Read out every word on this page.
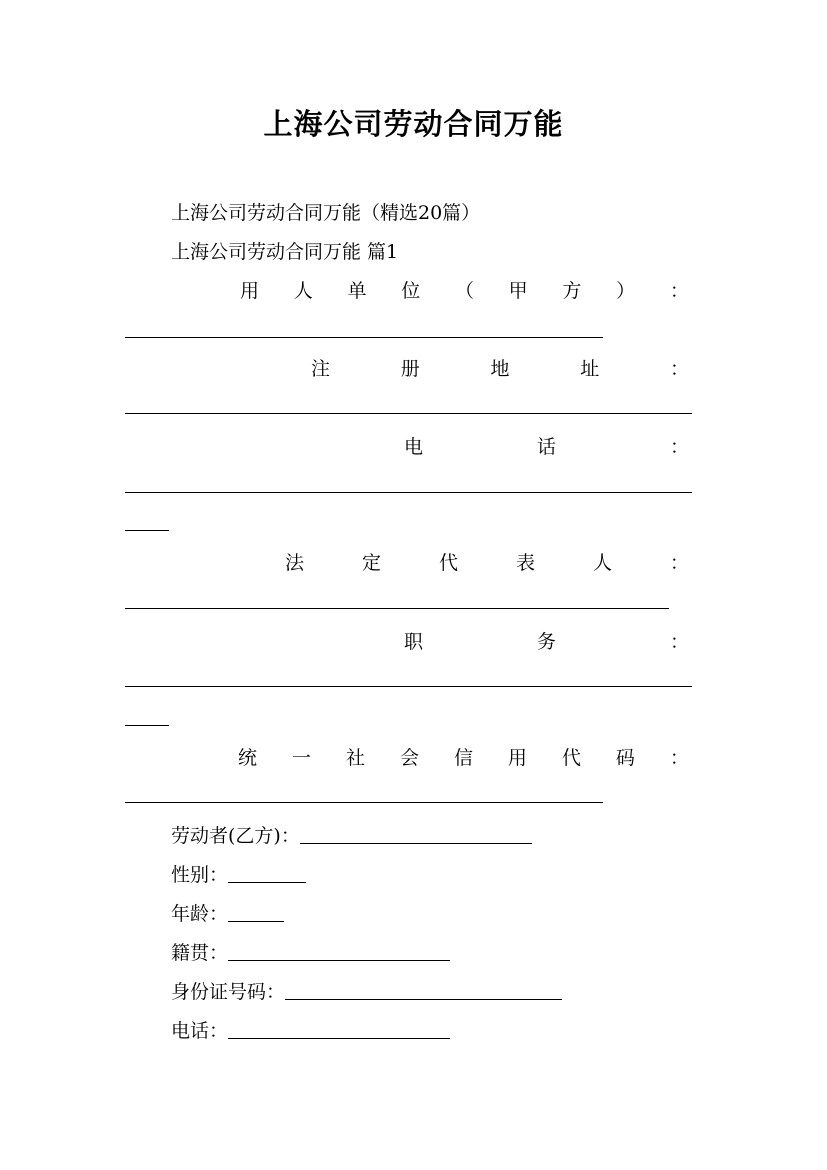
上海公司劳动合同万能
上海公司劳动合同万能（精选20篇）
上海公司劳动合同万能 篇1
用 人 单 位 （ 甲 方 ） ：
注	册	地	址	：
电	话	：
法	定	代	表	人	：
职	务	：
统 一 社 会 信 用 代 码 ：
劳动者(乙方)：
性别：
年龄：
籍贯：
身份证号码：
电话：
